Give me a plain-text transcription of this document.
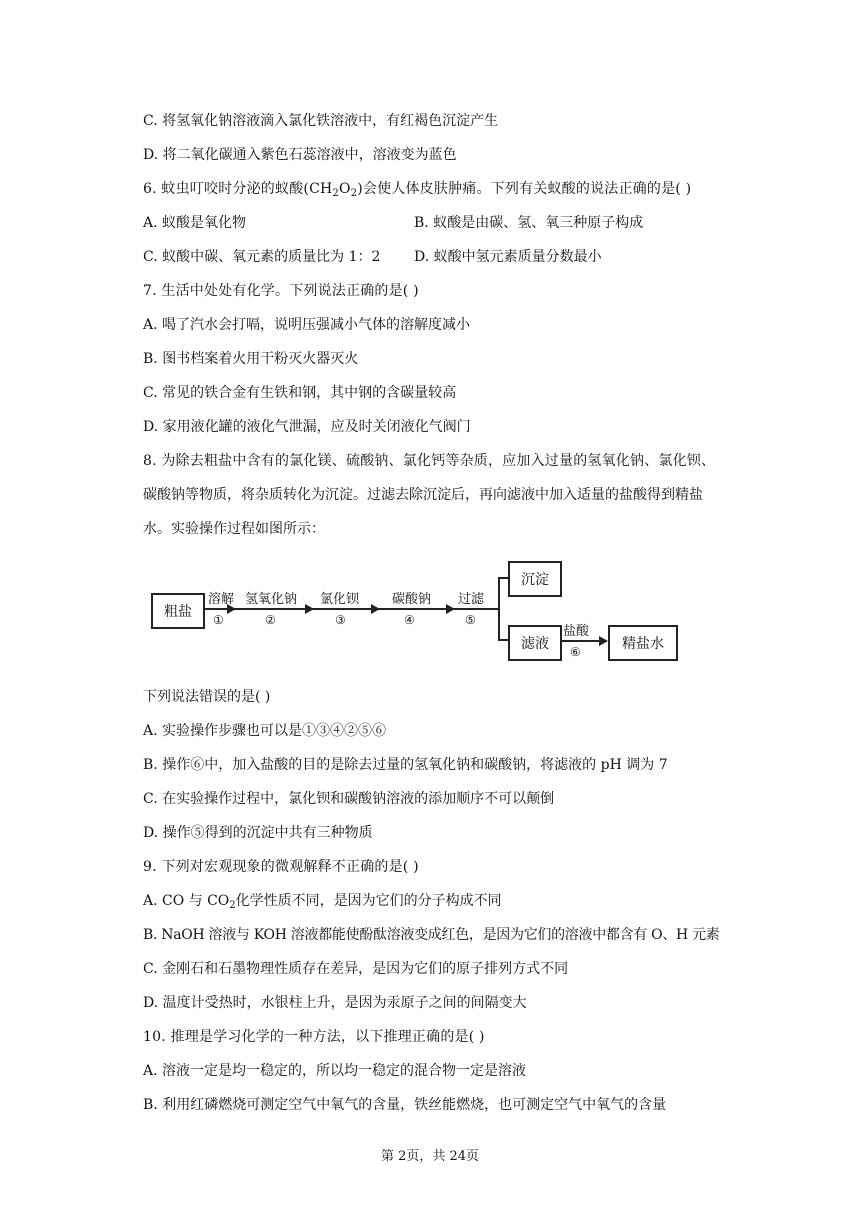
C. 将氢氧化钠溶液滴入氯化铁溶液中，有红褐色沉淀产生
D. 将二氧化碳通入紫色石蕊溶液中，溶液变为蓝色
6. 蚊虫叮咬时分泌的蚁酸$(CH_2O_2)$会使人体皮肤肿痛。下列有关蚁酸的说法正确的是( )
A. 蚁酸是氧化物	B. 蚁酸是由碳、氢、氧三种原子构成
C. 蚁酸中碳、氧元素的质量比为 1：2 D. 蚁酸中氢元素质量分数最小
7. 生活中处处有化学。下列说法正确的是( )
A. 喝了汽水会打嗝，说明压强减小气体的溶解度减小
B. 图书档案着火用干粉灭火器灭火
C. 常见的铁合金有生铁和钢，其中钢的含碳量较高
D. 家用液化罐的液化气泄漏，应及时关闭液化气阀门
8. 为除去粗盐中含有的氯化镁、硫酸钠、氯化钙等杂质，应加入过量的氢氧化钠、氯化钡、
碳酸钠等物质，将杂质转化为沉淀。过滤去除沉淀后，再向滤液中加入适量的盐酸得到精盐
水。实验操作过程如图所示：
粗盐
溶解
①
氢氧化钠
②
氯化钡
③
碳酸钠
④
过滤
⑤
沉淀
滤液
盐酸
⑥	精盐水
下列说法错误的是( )
A. 实验操作步骤也可以是①③④②⑤⑥
B. 操作⑥中，加入盐酸的目的是除去过量的氢氧化钠和碳酸钠，将滤液的 pH 调为 7
C. 在实验操作过程中，氯化钡和碳酸钠溶液的添加顺序不可以颠倒
D. 操作⑤得到的沉淀中共有三种物质
9. 下列对宏观现象的微观解释不正确的是( )
A. CO 与 $CO_2$化学性质不同，是因为它们的分子构成不同
B. NaOH 溶液与 KOH 溶液都能使酚酞溶液变成红色，是因为它们的溶液中都含有 O、H 元素
C. 金刚石和石墨物理性质存在差异，是因为它们的原子排列方式不同
D. 温度计受热时，水银柱上升，是因为汞原子之间的间隔变大
10. 推理是学习化学的一种方法，以下推理正确的是( )
A. 溶液一定是均一稳定的，所以均一稳定的混合物一定是溶液
B. 利用红磷燃烧可测定空气中氧气的含量，铁丝能燃烧，也可测定空气中氧气的含量
第 2页，共 24页
